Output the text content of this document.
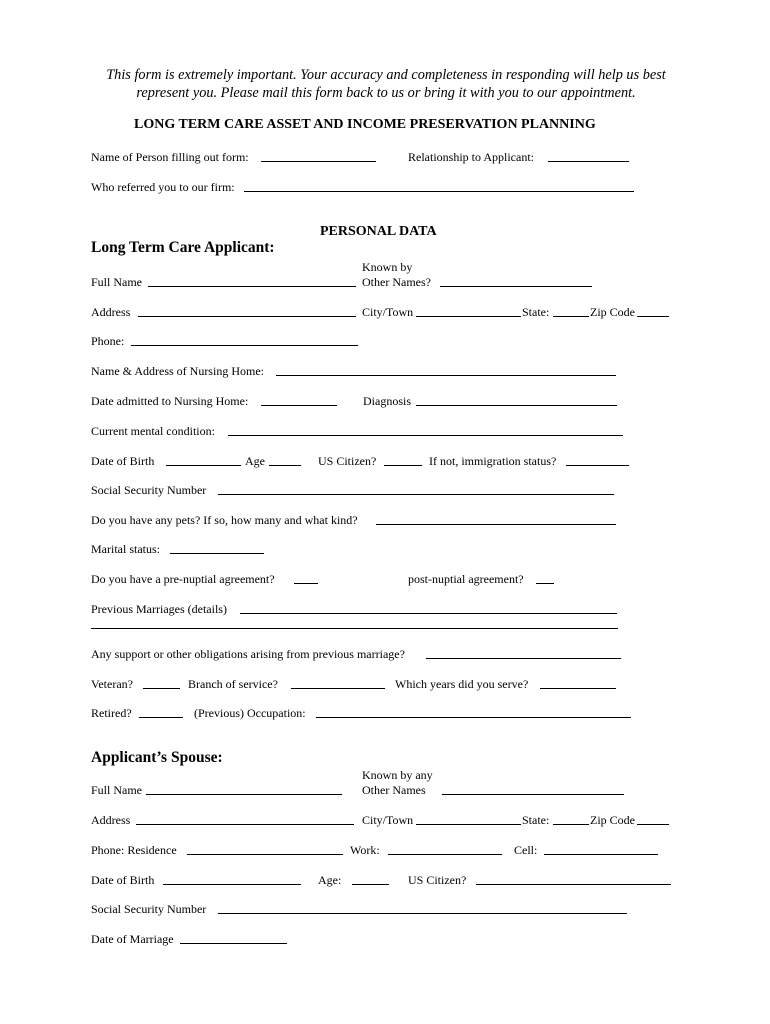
This form is extremely important. Your accuracy and completeness in responding will help us best represent you. Please mail this form back to us or bring it with you to our appointment.
LONG TERM CARE ASSET AND INCOME PRESERVATION PLANNING
Name of Person filling out form:	Relationship to Applicant:
Who referred you to our firm:
PERSONAL DATA
Long Term Care Applicant:
Known by
Full Name	Other Names?
Address	City/Town	State:	Zip Code
Phone:
Name & Address of Nursing Home:
Date admitted to Nursing Home:	Diagnosis
Current mental condition:
Date of Birth	Age	US Citizen?	If not, immigration status?
Social Security Number
Do you have any pets? If so, how many and what kind?
Marital status:
Do you have a pre-nuptial agreement?	post-nuptial agreement?
Previous Marriages (details)
Any support or other obligations arising from previous marriage?
Veteran?	Branch of service?	Which years did you serve?
Retired?	(Previous) Occupation:
Applicant’s Spouse:
Known by any
Full Name	Other Names
Address	City/Town	State:	Zip Code
Phone: Residence	Work:	Cell:
Date of Birth	Age:	US Citizen?
Social Security Number
Date of Marriage
